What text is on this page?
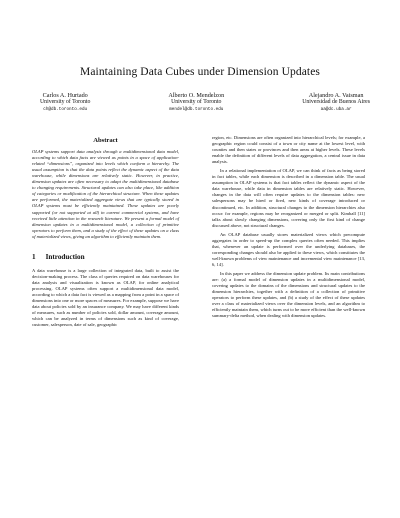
Maintaining Data Cubes under Dimension Updates
Carlos A. Hurtado
University of Toronto
ch@db.toronto.edu
Alberto O. Mendelzon
University of Toronto
mendel@db.toronto.edu
Alejandro A. Vaisman
Universidad de Buenos Aires
aa@dc.uba.ar
Abstract

OLAP systems support data analysis through a multidimensional data model, according to which data facts are viewed as points in a space of application-related “dimensions”, organized into levels which conform a hierarchy. The usual assumption is that the data points reflect the dynamic aspect of the data warehouse, while dimensions are relatively static. However, in practice, dimension updates are often necessary to adapt the multidimensional database to changing requirements. Structural updates can also take place, like addition of categories or modification of the hierarchical structure. When these updates are performed, the materialized aggregate views that are typically stored in OLAP systems must be efficiently maintained. These updates are poorly supported (or not supported at all) in current commercial systems, and have received little attention in the research literature. We present a formal model of dimension updates in a multidimensional model, a collection of primitive operators to perform them, and a study of the effect of these updates on a class of materialized views, giving an algorithm to efficiently maintain them.

1 Introduction

A data warehouse is a large collection of integrated data, built to assist the decision-making process. The class of queries required on data warehouses for data analysis and visualization is known as OLAP, for online analytical processing. OLAP systems often support a multidimensional data model, according to which a data fact is viewed as a mapping from a point in a space of dimensions into one or more spaces of measures. For example, suppose we have data about policies sold by an insurance company. We may have different kinds of measures, such as number of policies sold, dollar amount, coverage amount, which can be analyzed in terms of dimensions such as kind of coverage, customer, salesperson, date of sale, geographic

region, etc. Dimensions are often organized into hierarchical levels; for example, a geographic region could consist of a town or city name at the lowest level, with counties and then states or provinces and then areas at higher levels. These levels enable the definition of different levels of data aggregation, a central issue in data analysis.

In a relational implementation of OLAP, we can think of facts as being stored in fact tables, while each dimension is described in a dimension table. The usual assumption in OLAP systems is that fact tables reflect the dynamic aspect of the data warehouse, while data in dimension tables are relatively static. However, changes in the data will often require updates to the dimension tables: new salespersons may be hired or fired, new kinds of coverage introduced or discontinued, etc. In addition, structural changes to the dimension hierarchies also occur: for example, regions may be reorganized or merged or split. Kimball [11] talks about slowly changing dimensions, covering only the first kind of change discussed above, not structural changes.

An OLAP database usually stores materialized views which precompute aggregates in order to speed-up the complex queries often needed. This implies that, whenever an update is performed over the underlying databases, the corresponding changes should also be applied to these views, which constitutes the well-known problems of view maintenance and incremental view maintenance [13, 6, 14].

In this paper we address the dimension update problem. Its main contributions are: (a) a formal model of dimension updates in a multidimensional model, covering updates to the domains of the dimensions and structural updates to the dimension hierarchies, together with a definition of a collection of primitive operators to perform these updates, and (b) a study of the effect of these updates over a class of materialized views over the dimension levels, and an algorithm to efficiently maintain them, which turns out to be more efficient than the well-known summary-delta method, when dealing with dimension updates.
